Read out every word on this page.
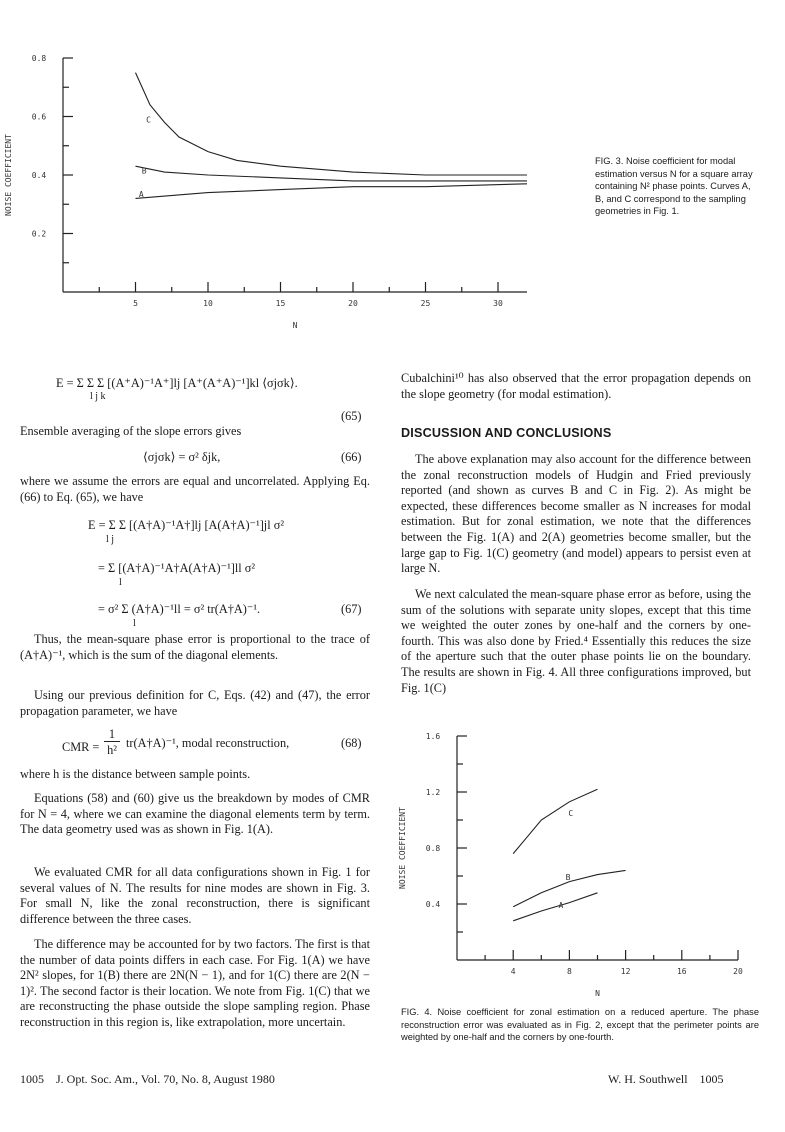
0.8
0.6
0.4
0.2
5	10	15	20	25	30
NOISE COEFFICIENT
N
C
B
A
FIG. 3. Noise coefficient for modal estimation versus N for a square array containing N² phase points. Curves A, B, and C correspond to the sampling geometries in Fig. 1.
E = Σ Σ Σ [(A⁺A)⁻¹A⁺]lj [A⁺(A⁺A)⁻¹]kl ⟨σjσk⟩.
l j k
(65)

Ensemble averaging of the slope errors gives

⟨σjσk⟩ = σ² δjk,	(66)

where we assume the errors are equal and uncorrelated. Applying Eq. (66) to Eq. (65), we have

E = Σ Σ [(A†A)⁻¹A†]lj [A(A†A)⁻¹]jl σ²
l j
= Σ [(A†A)⁻¹A†A(A†A)⁻¹]ll σ²
l
= σ² Σ (A†A)⁻¹ll = σ² tr(A†A)⁻¹.
l
(67)

Thus, the mean-square phase error is proportional to the trace of (A†A)⁻¹, which is the sum of the diagonal elements.

Using our previous definition for C, Eqs. (42) and (47), the error propagation parameter, we have

CMR =
1
h² tr(A†A)⁻¹, modal reconstruction,	(68)

where h is the distance between sample points.

Equations (58) and (60) give us the breakdown by modes of CMR for N = 4, where we can examine the diagonal elements term by term. The data geometry used was as shown in Fig. 1(A).

We evaluated CMR for all data configurations shown in Fig. 1 for several values of N. The results for nine modes are shown in Fig. 3. For small N, like the zonal reconstruction, there is significant difference between the three cases.

The difference may be accounted for by two factors. The first is that the number of data points differs in each case. For Fig. 1(A) we have 2N² slopes, for 1(B) there are 2N(N − 1), and for 1(C) there are 2(N − 1)². The second factor is their location. We note from Fig. 1(C) that we are reconstructing the phase outside the slope sampling region. Phase reconstruction in this region is, like extrapolation, more uncertain.

Cubalchini¹⁰ has also observed that the error propagation depends on the slope geometry (for modal estimation).

DISCUSSION AND CONCLUSIONS

The above explanation may also account for the difference between the zonal reconstruction models of Hudgin and Fried previously reported (and shown as curves B and C in Fig. 2). As might be expected, these differences become smaller as N increases for modal estimation. But for zonal estimation, we note that the differences between the Fig. 1(A) and 2(A) geometries become smaller, but the large gap to Fig. 1(C) geometry (and model) appears to persist even at large N.

We next calculated the mean-square phase error as before, using the sum of the solutions with separate unity slopes, except that this time we weighted the outer zones by one-half and the corners by one-fourth. This was also done by Fried.⁴ Essentially this reduces the size of the aperture such that the outer phase points lie on the boundary. The results are shown in Fig. 4. All three configurations improved, but Fig. 1(C)

1.6
1.2
0.8
0.4
4	8	12	16	20
NOISE COEFFICIENT
N
C
B
A
FIG. 4. Noise coefficient for zonal estimation on a reduced aperture. The phase reconstruction error was evaluated as in Fig. 2, except that the perimeter points are weighted by one-half and the corners by one-fourth.
1005    J. Opt. Soc. Am., Vol. 70, No. 8, August 1980	W. H. Southwell    1005
